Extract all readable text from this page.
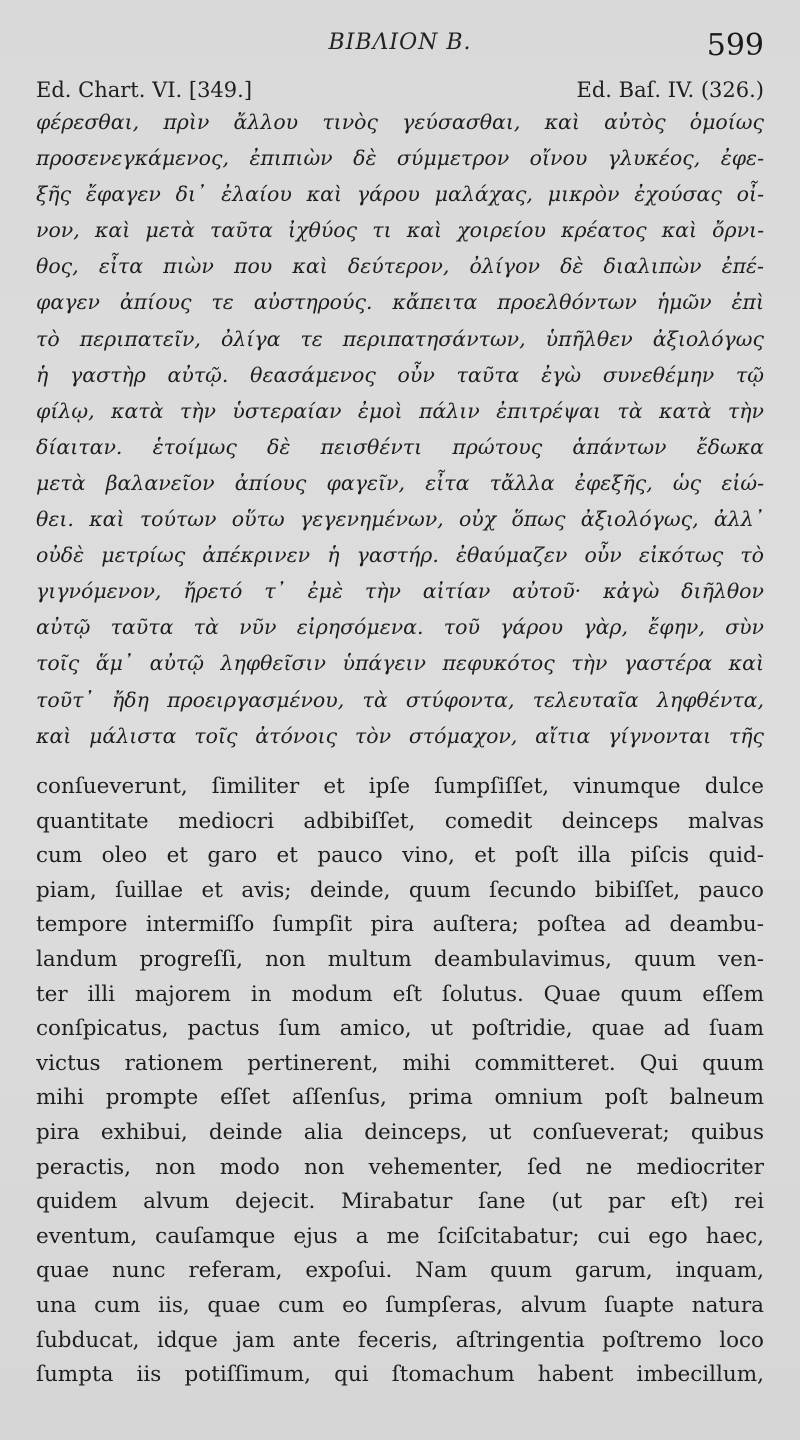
BIBΛΙΟΝ B.	599
Ed. Chart. VI. [349.]	Ed. Baſ. IV. (326.)
φέρεσθαι, πρὶν ἄλλου τινὸς γεύσασθαι, καὶ αὐτὸς ὁμοίως
προσενεγκάμενος, ἐπιπιὼν δὲ σύμμετρον οἴνου γλυκέος, ἐφε-
ξῆς ἔφαγεν δι᾽ ἐλαίου καὶ γάρου μαλάχας, μικρὸν ἐχούσας οἶ-
νον, καὶ μετὰ ταῦτα ἰχθύος τι καὶ χοιρείου κρέατος καὶ ὄρνι-
θος, εἶτα πιὼν που καὶ δεύτερον, ὀλίγον δὲ διαλιπὼν ἐπέ-
φαγεν ἀπίους τε αὐστηρούς. κἄπειτα προελθόντων ἡμῶν ἐπὶ
τὸ περιπατεῖν, ὀλίγα τε περιπατησάντων, ὑπῆλθεν ἀξιολόγως
ἡ γαστὴρ αὐτῷ. θεασάμενος οὖν ταῦτα ἐγὼ συνεθέμην τῷ
φίλῳ, κατὰ τὴν ὑστεραίαν ἐμοὶ πάλιν ἐπιτρέψαι τὰ κατὰ τὴν
δίαιταν. ἑτοίμως δὲ πεισθέντι πρώτους ἁπάντων ἔδωκα
μετὰ βαλανεῖον ἀπίους φαγεῖν, εἶτα τἄλλα ἐφεξῆς, ὡς εἰώ-
θει. καὶ τούτων οὕτω γεγενημένων, οὐχ ὅπως ἀξιολόγως, ἀλλ᾽
οὐδὲ μετρίως ἀπέκρινεν ἡ γαστήρ. ἐθαύμαζεν οὖν εἰκότως τὸ
γιγνόμενον, ἤρετό τ᾽ ἐμὲ τὴν αἰτίαν αὐτοῦ· κἀγὼ διῆλθον
αὐτῷ ταῦτα τὰ νῦν εἰρησόμενα. τοῦ γάρου γὰρ, ἔφην, σὺν
τοῖς ἅμ᾽ αὐτῷ ληφθεῖσιν ὑπάγειν πεφυκότος τὴν γαστέρα καὶ
τοῦτ᾽ ἤδη προειργασμένου, τὰ στύφοντα, τελευταῖα ληφθέντα,
καὶ μάλιστα τοῖς ἀτόνοις τὸν στόμαχον, αἴτια γίγνονται τῆς
conſueverunt, ſimiliter et ipſe ſumpſiſſet, vinumque dulce
quantitate mediocri adbibiſſet, comedit deinceps malvas
cum oleo et garo et pauco vino, et poſt illa piſcis quid-
piam, ſuillae et avis; deinde, quum ſecundo bibiſſet, pauco
tempore intermiſſo ſumpſit pira auſtera; poſtea ad deambu-
landum progreſſi, non multum deambulavimus, quum ven-
ter illi majorem in modum eſt ſolutus. Quae quum eſſem
conſpicatus, pactus ſum amico, ut poſtridie, quae ad ſuam
victus rationem pertinerent, mihi committeret. Qui quum
mihi prompte eſſet aſſenſus, prima omnium poſt balneum
pira exhibui, deinde alia deinceps, ut conſueverat; quibus
peractis, non modo non vehementer, ſed ne mediocriter
quidem alvum dejecit. Mirabatur ſane (ut par eſt) rei
eventum, cauſamque ejus a me ſciſcitabatur; cui ego haec,
quae nunc referam, expoſui. Nam quum garum, inquam,
una cum iis, quae cum eo ſumpſeras, alvum ſuapte natura
ſubducat, idque jam ante feceris, aſtringentia poſtremo loco
ſumpta iis potiſſimum, qui ſtomachum habent imbecillum,
